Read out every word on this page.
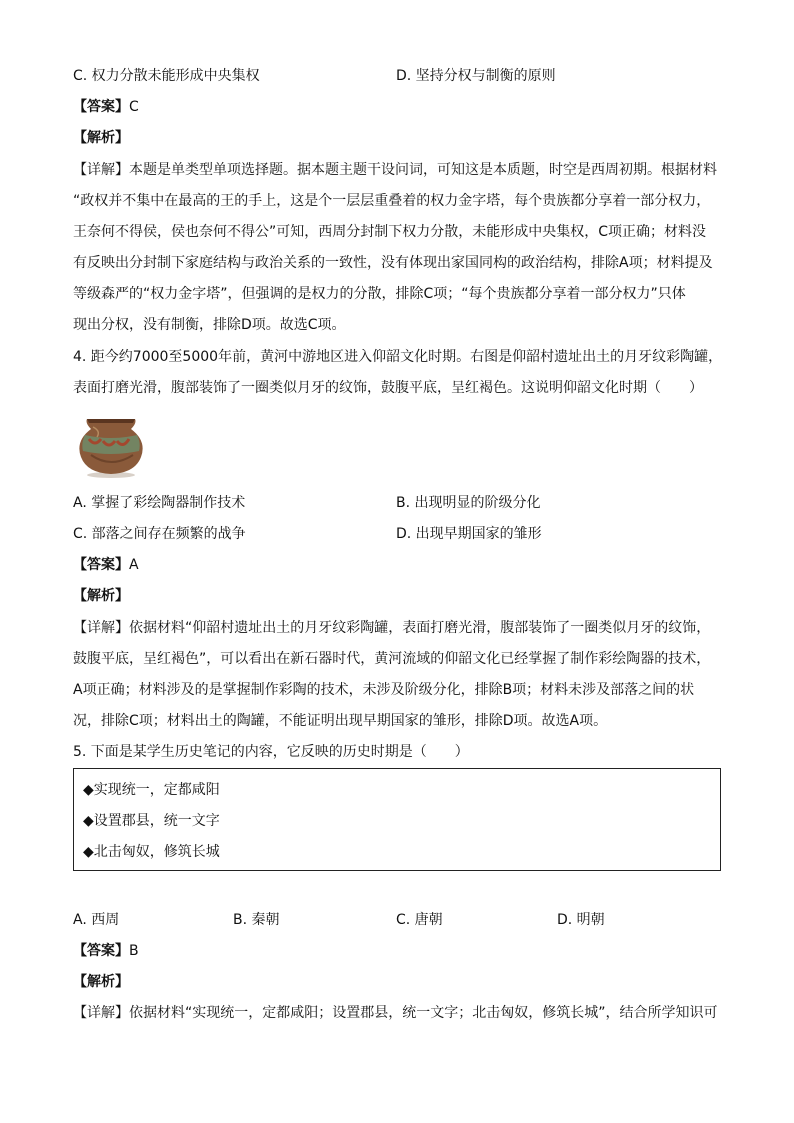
C. 权力分散未能形成中央集权	D. 坚持分权与制衡的原则
【答案】C
【解析】
【详解】本题是单类型单项选择题。据本题主题干设问词，可知这是本质题，时空是西周初期。根据材料
“政权并不集中在最高的王的手上，这是个一层层重叠着的权力金字塔，每个贵族都分享着一部分权力，
王奈何不得侯，侯也奈何不得公”可知，西周分封制下权力分散，未能形成中央集权，C项正确；材料没
有反映出分封制下家庭结构与政治关系的一致性，没有体现出家国同构的政治结构，排除A项；材料提及
等级森严的“权力金字塔”，但强调的是权力的分散，排除C项；“每个贵族都分享着一部分权力”只体
现出分权，没有制衡，排除D项。故选C项。
4. 距今约7000至5000年前，黄河中游地区进入仰韶文化时期。右图是仰韶村遗址出土的月牙纹彩陶罐，
表面打磨光滑，腹部装饰了一圈类似月牙的纹饰，鼓腹平底，呈红褐色。这说明仰韶文化时期（　　）
A. 掌握了彩绘陶器制作技术	B. 出现明显的阶级分化
C. 部落之间存在频繁的战争	D. 出现早期国家的雏形
【答案】A
【解析】
【详解】依据材料“仰韶村遗址出土的月牙纹彩陶罐，表面打磨光滑，腹部装饰了一圈类似月牙的纹饰，
鼓腹平底，呈红褐色”，可以看出在新石器时代，黄河流域的仰韶文化已经掌握了制作彩绘陶器的技术，
A项正确；材料涉及的是掌握制作彩陶的技术，未涉及阶级分化，排除B项；材料未涉及部落之间的状
况，排除C项；材料出土的陶罐，不能证明出现早期国家的雏形，排除D项。故选A项。
5. 下面是某学生历史笔记的内容，它反映的历史时期是（　　）
◆实现统一，定都咸阳
◆设置郡县，统一文字
◆北击匈奴，修筑长城
A. 西周	B. 秦朝	C. 唐朝	D. 明朝
【答案】B
【解析】
【详解】依据材料“实现统一，定都咸阳；设置郡县，统一文字；北击匈奴，修筑长城”，结合所学知识可
